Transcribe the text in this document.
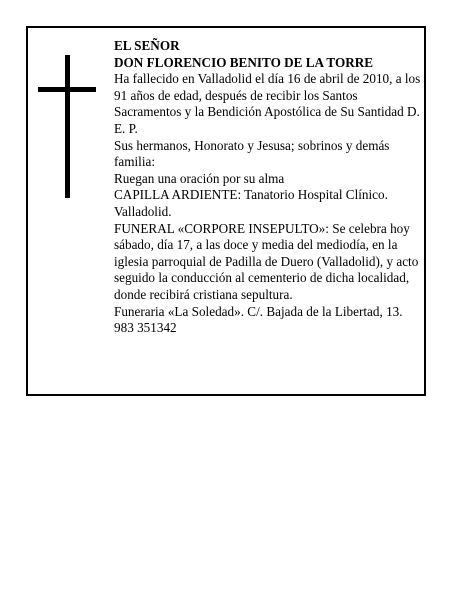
EL SEÑOR

DON FLORENCIO BENITO DE LA TORRE

Ha fallecido en Valladolid el día 16 de abril de 2010, a los 91 años de edad, después de recibir los Santos Sacramentos y la Bendición Apostólica de Su Santidad D. E. P.

Sus hermanos, Honorato y Jesusa; sobrinos y demás familia:

Ruegan una oración por su alma

CAPILLA ARDIENTE: Tanatorio Hospital Clínico. Valladolid.

FUNERAL «CORPORE INSEPULTO»: Se celebra hoy sábado, día 17, a las doce y media del mediodía, en la iglesia parroquial de Padilla de Duero (Valladolid), y acto seguido la conducción al cementerio de dicha localidad, donde recibirá cristiana sepultura.

Funeraria «La Soledad». C/. Bajada de la Libertad, 13. 983 351342
